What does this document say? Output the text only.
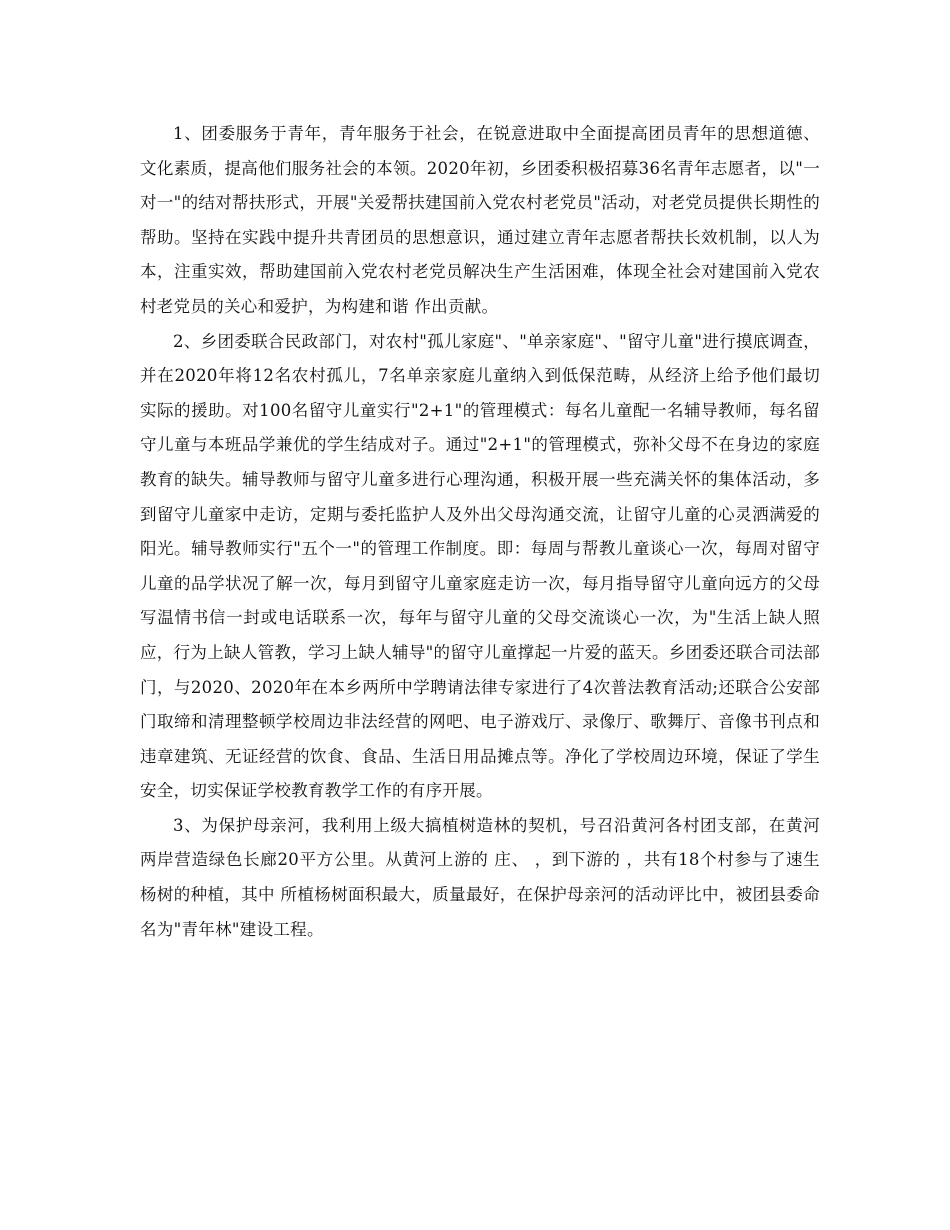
1、团委服务于青年，青年服务于社会，在锐意进取中全面提高团员青年的思想道德、文化素质，提高他们服务社会的本领。2020年初，乡团委积极招募36名青年志愿者，以"一对一"的结对帮扶形式，开展"关爱帮扶建国前入党农村老党员"活动，对老党员提供长期性的帮助。坚持在实践中提升共青团员的思想意识，通过建立青年志愿者帮扶长效机制，以人为本，注重实效，帮助建国前入党农村老党员解决生产生活困难，体现全社会对建国前入党农村老党员的关心和爱护，为构建和谐 作出贡献。

2、乡团委联合民政部门，对农村"孤儿家庭"、"单亲家庭"、"留守儿童"进行摸底调查，并在2020年将12名农村孤儿，7名单亲家庭儿童纳入到低保范畴，从经济上给予他们最切实际的援助。对100名留守儿童实行"2+1"的管理模式：每名儿童配一名辅导教师，每名留守儿童与本班品学兼优的学生结成对子。通过"2+1"的管理模式，弥补父母不在身边的家庭教育的缺失。辅导教师与留守儿童多进行心理沟通，积极开展一些充满关怀的集体活动，多到留守儿童家中走访，定期与委托监护人及外出父母沟通交流，让留守儿童的心灵洒满爱的阳光。辅导教师实行"五个一"的管理工作制度。即：每周与帮教儿童谈心一次，每周对留守儿童的品学状况了解一次，每月到留守儿童家庭走访一次，每月指导留守儿童向远方的父母写温情书信一封或电话联系一次，每年与留守儿童的父母交流谈心一次，为"生活上缺人照应，行为上缺人管教，学习上缺人辅导"的留守儿童撑起一片爱的蓝天。乡团委还联合司法部门，与2020、2020年在本乡两所中学聘请法律专家进行了4次普法教育活动;还联合公安部门取缔和清理整顿学校周边非法经营的网吧、电子游戏厅、录像厅、歌舞厅、音像书刊点和违章建筑、无证经营的饮食、食品、生活日用品摊点等。净化了学校周边环境，保证了学生安全，切实保证学校教育教学工作的有序开展。

3、为保护母亲河，我利用上级大搞植树造林的契机，号召沿黄河各村团支部，在黄河两岸营造绿色长廊20平方公里。从黄河上游的 庄、 ，到下游的 ，共有18个村参与了速生杨树的种植，其中 所植杨树面积最大，质量最好，在保护母亲河的活动评比中，被团县委命名为"青年林"建设工程。
